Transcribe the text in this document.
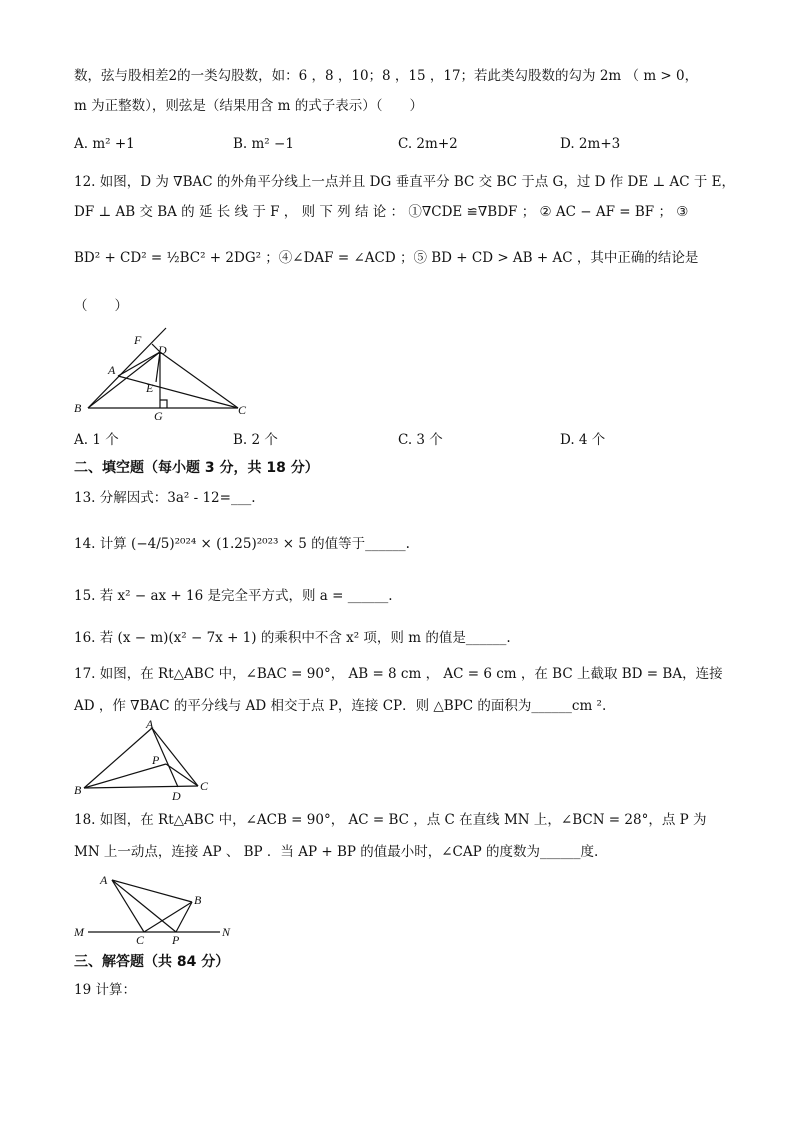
数，弦与股相差2的一类勾股数，如：6 ，8 ，10；8 ，15 ，17；若此类勾股数的勾为 2m （ m > 0，
m 为正整数），则弦是（结果用含 m 的式子表示）（　　）
A. m² +1	B. m² −1	C. 2m+2	D. 2m+3
12. 如图，D 为 ∇BAC 的外角平分线上一点并且 DG 垂直平分 BC 交 BC 于点 G，过 D 作 DE ⊥ AC 于 E，
DF ⊥ AB 交 BA 的 延 长 线 于 F ， 则 下 列 结 论 ： ①∇CDE ≌∇BDF ； ② AC − AF = BF ； ③
BD² + CD² = ½BC² + 2DG² ；④∠DAF = ∠ACD ；⑤ BD + CD > AB + AC ，其中正确的结论是
（　　）
F
D
A
E
B
G	C
A. 1 个	B. 2 个	C. 3 个	D. 4 个
二、填空题（每小题 3 分，共 18 分）
13. 分解因式：3a² - 12=___.
14. 计算 (−4/5)²⁰²⁴ × (1.25)²⁰²³ × 5 的值等于______.
15. 若 x² − ax + 16 是完全平方式，则 a = ______.
16. 若 (x − m)(x² − 7x + 1) 的乘积中不含 x² 项，则 m 的值是______.
17. 如图，在 Rt△ABC 中，∠BAC = 90°， AB = 8 cm ， AC = 6 cm ，在 BC 上截取 BD = BA，连接
AD ，作 ∇BAC 的平分线与 AD 相交于点 P，连接 CP．则 △BPC 的面积为______cm ².
A
P
B	D
C
18. 如图，在 Rt△ABC 中，∠ACB = 90°， AC = BC ，点 C 在直线 MN 上，∠BCN = 28°，点 P 为
MN 上一动点，连接 AP 、 BP ．当 AP + BP 的值最小时，∠CAP 的度数为______度.
A
B
M
C P
N
三、解答题（共 84 分）
19 计算：
